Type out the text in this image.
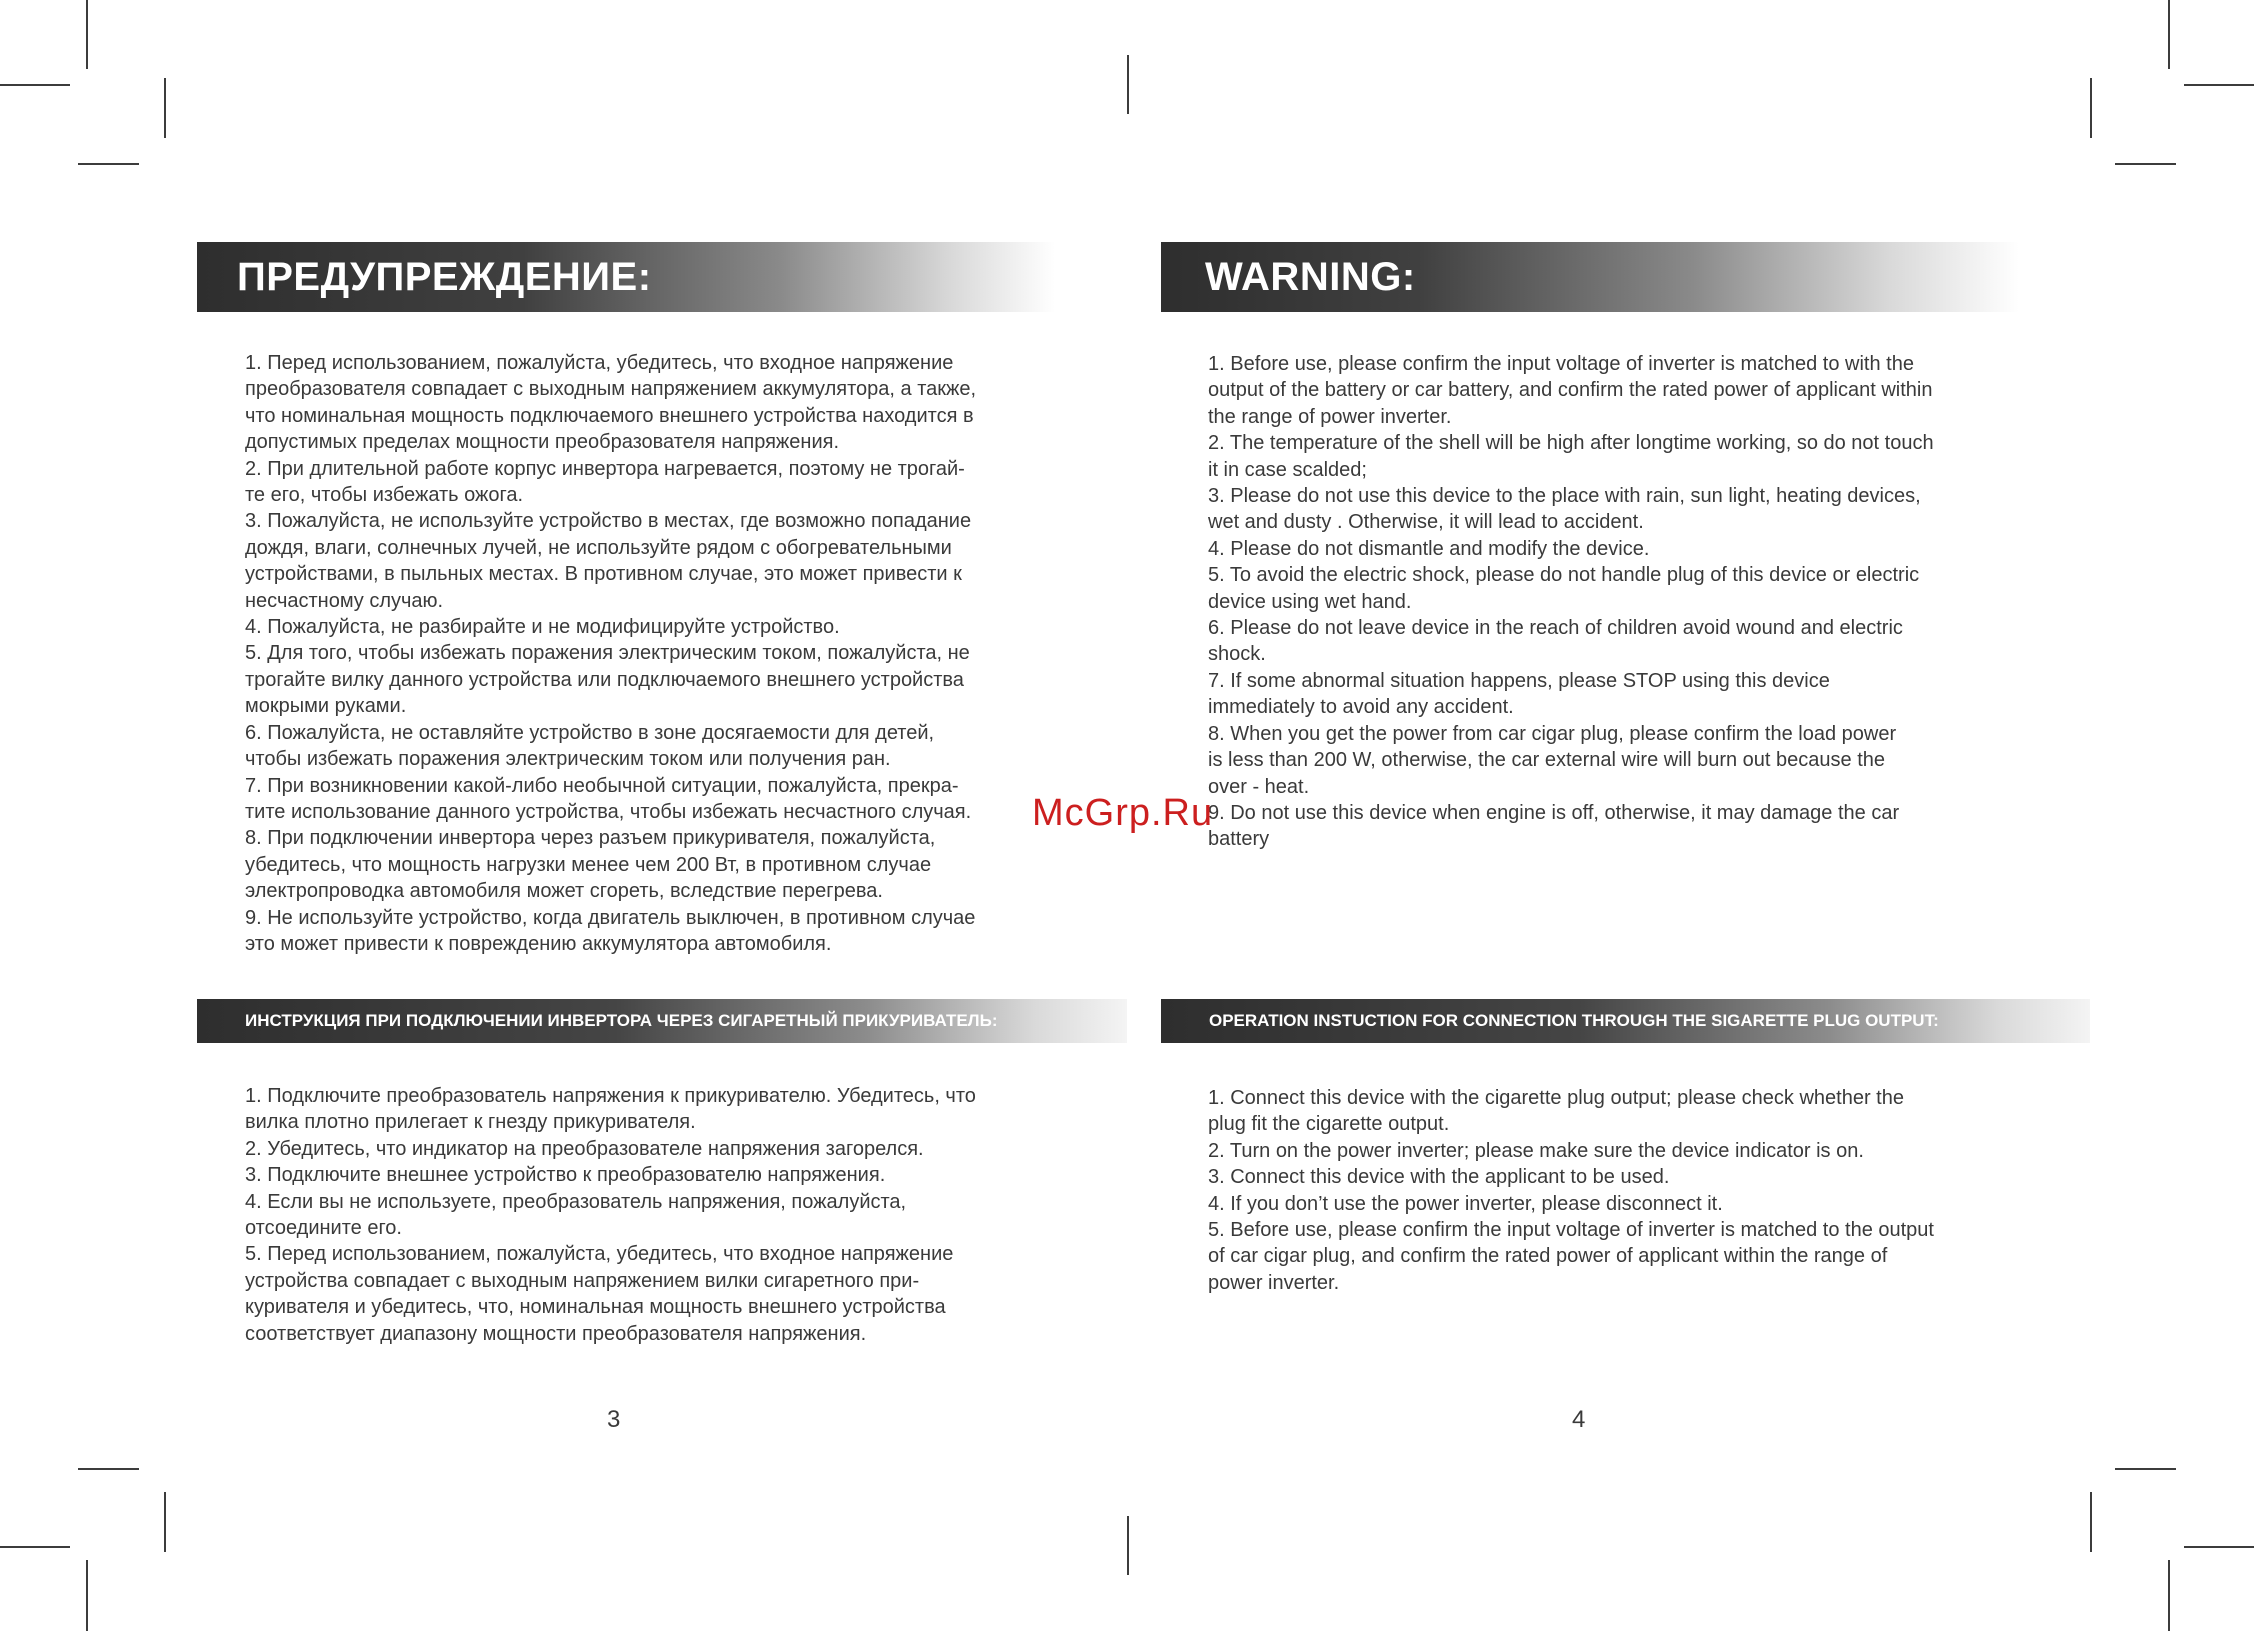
ПРЕДУПРЕЖДЕНИЕ:

1. Перед использованием, пожалуйста, убедитесь, что входное напряжение

преобразователя совпадает с выходным напряжением аккумулятора, а также,

что номинальная мощность подключаемого внешнего устройства находится в

допустимых пределах мощности преобразователя напряжения.

2. При длительной работе корпус инвертора нагревается, поэтому не трогай-

те его, чтобы избежать ожога.

3. Пожалуйста, не используйте устройство в местах, где возможно попадание

дождя, влаги, солнечных лучей, не используйте рядом с обогревательными

устройствами, в пыльных местах. В противном случае, это может привести к

несчастному случаю.

4. Пожалуйста, не разбирайте и не модифицируйте устройство.

5. Для того, чтобы избежать поражения электрическим током, пожалуйста, не

трогайте вилку данного устройства или подключаемого внешнего устройства

мокрыми руками.

6. Пожалуйста, не оставляйте устройство в зоне досягаемости для детей,

чтобы избежать поражения электрическим током или получения ран.

7. При возникновении какой-либо необычной ситуации, пожалуйста, прекра-

тите использование данного устройства, чтобы избежать несчастного случая.

8. При подключении инвертора через разъем прикуривателя, пожалуйста,

убедитесь, что мощность нагрузки менее чем 200 Вт, в противном случае

электропроводка автомобиля может сгореть, вследствие перегрева.

9. Не используйте устройство, когда двигатель выключен, в противном случае

это может привести к повреждению аккумулятора автомобиля.

ИНСТРУКЦИЯ ПРИ ПОДКЛЮЧЕНИИ ИНВЕРТОРА ЧЕРЕЗ СИГАРЕТНЫЙ ПРИКУРИВАТЕЛЬ:

1. Подключите преобразователь напряжения к прикуривателю. Убедитесь, что

вилка плотно прилегает к гнезду прикуривателя.

2. Убедитесь, что индикатор на преобразователе напряжения загорелся.

3. Подключите внешнее устройство к преобразователю напряжения.

4. Если вы не используете, преобразователь напряжения, пожалуйста,

отсоедините его.

5. Перед использованием, пожалуйста, убедитесь, что входное напряжение

устройства совпадает с выходным напряжением вилки сигаретного при-

куривателя и убедитесь, что, номинальная мощность внешнего устройства

соответствует диапазону мощности преобразователя напряжения.

3
WARNING:

1. Before use, please confirm the input voltage of inverter is matched to with the

output of the battery or car battery, and confirm the rated power of applicant within

the range of power inverter.

2. The temperature of the shell will be high after longtime working, so do not touch

it in case scalded;

3. Please do not use this device to the place with rain, sun light, heating devices,

wet and dusty . Otherwise, it will lead to accident.

4. Please do not dismantle and modify the device.

5. To avoid the electric shock, please do not handle plug of this device or electric

device using wet hand.

6. Please do not leave device in the reach of children avoid wound and electric

shock.

7. If some abnormal situation happens, please STOP using this device

immediately to avoid any accident.

8. When you get the power from car cigar plug, please confirm the load power

is less than 200 W, otherwise, the car external wire will burn out because the

over - heat.

9. Do not use this device when engine is off, otherwise, it may damage the car

battery

OPERATION INSTUCTION FOR CONNECTION THROUGH THE SIGARETTE PLUG OUTPUT:

1. Connect this device with the cigarette plug output; please check whether the

plug fit the cigarette output.

2. Turn on the power inverter; please make sure the device indicator is on.

3. Connect this device with the applicant to be used.

4. If you don’t use the power inverter, please disconnect it.

5. Before use, please confirm the input voltage of inverter is matched to the output

of car cigar plug, and confirm the rated power of applicant within the range of

power inverter.

4
McGrp.Ru
